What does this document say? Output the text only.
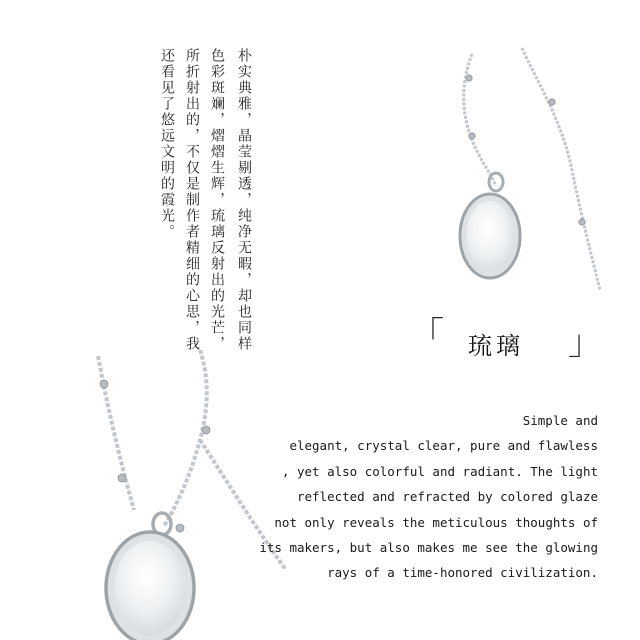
朴实典雅，晶莹剔透，纯净无暇，却也同样
色彩斑斓，熠熠生辉，琉璃反射出的光芒，
所折射出的，不仅是制作者精细的心思，我
还看见了悠远文明的霞光。
「 琉璃 」
Simple and
elegant, crystal clear, pure and flawless
, yet also colorful and radiant. The light
reflected and refracted by colored glaze
not only reveals the meticulous thoughts of
its makers, but also makes me see the glowing
rays of a time-honored civilization.
